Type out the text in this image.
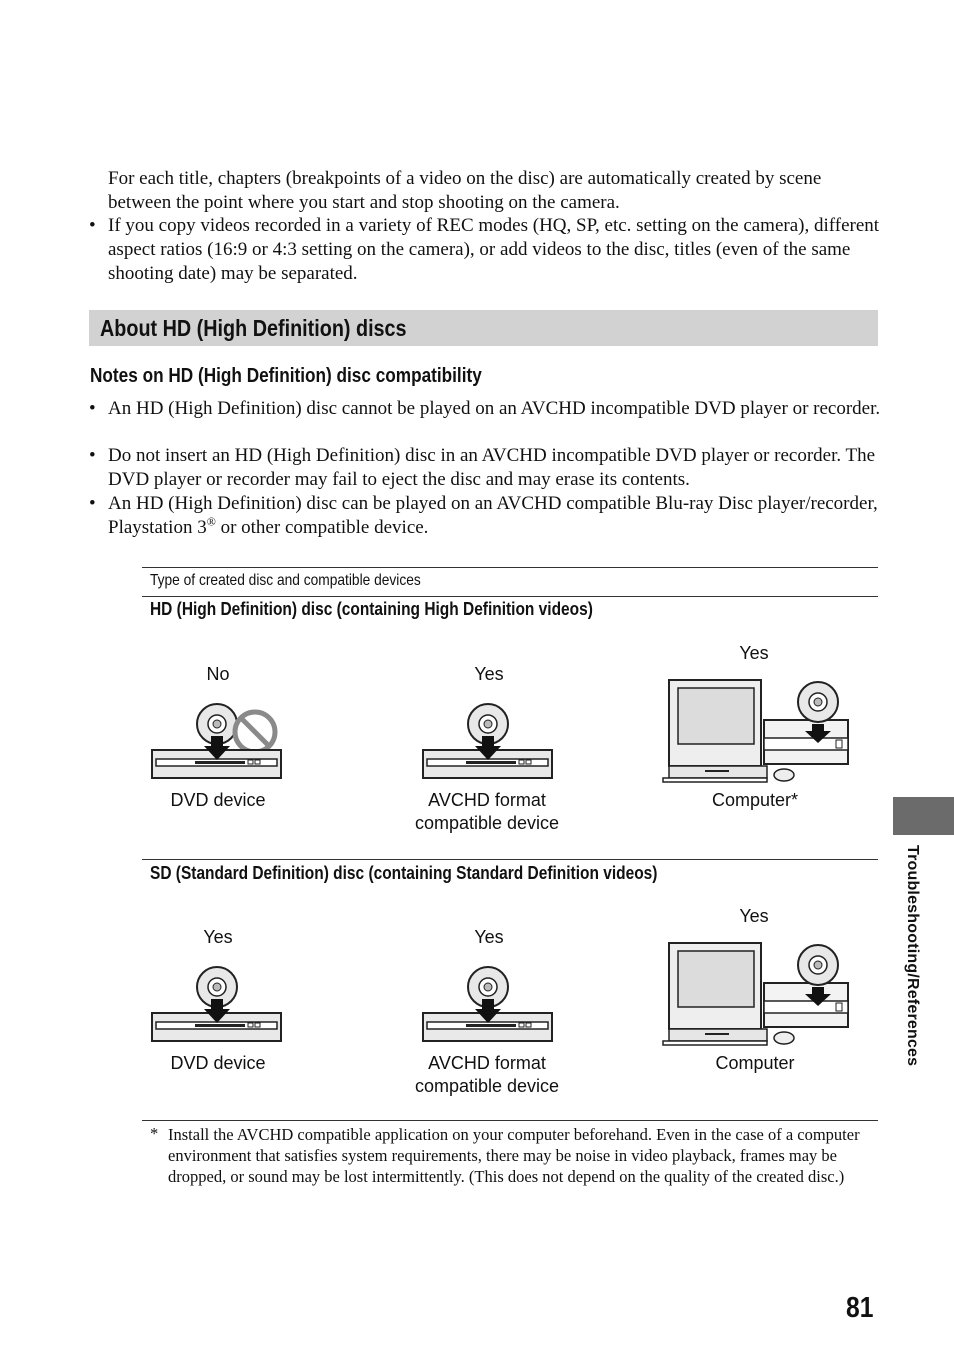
For each title, chapters (breakpoints of a video on the disc) are automatically created by scene between the point where you start and stop shooting on the camera.
• If you copy videos recorded in a variety of REC modes (HQ, SP, etc. setting on the camera), different aspect ratios (16:9 or 4:3 setting on the camera), or add videos to the disc, titles (even of the same shooting date) may be separated.
About HD (High Definition) discs
Notes on HD (High Definition) disc compatibility
• An HD (High Definition) disc cannot be played on an AVCHD incompatible DVD player or recorder.
• Do not insert an HD (High Definition) disc in an AVCHD incompatible DVD player or recorder. The DVD player or recorder may fail to eject the disc and may erase its contents.
• An HD (High Definition) disc can be played on an AVCHD compatible Blu-ray Disc player/recorder, Playstation 3® or other compatible device.
Type of created disc and compatible devices
HD (High Definition) disc (containing High Definition videos)
No	Yes
Yes
DVD device	AVCHD format
compatible device
Computer*
SD (Standard Definition) disc (containing Standard Definition videos)
Yes	Yes
Yes
DVD device	AVCHD format
compatible device
Computer
* Install the AVCHD compatible application on your computer beforehand. Even in the case of a computer environment that satisfies system requirements, there may be noise in video playback, frames may be dropped, or sound may be lost intermittently. (This does not depend on the quality of the created disc.)
Troubleshooting/References
81
